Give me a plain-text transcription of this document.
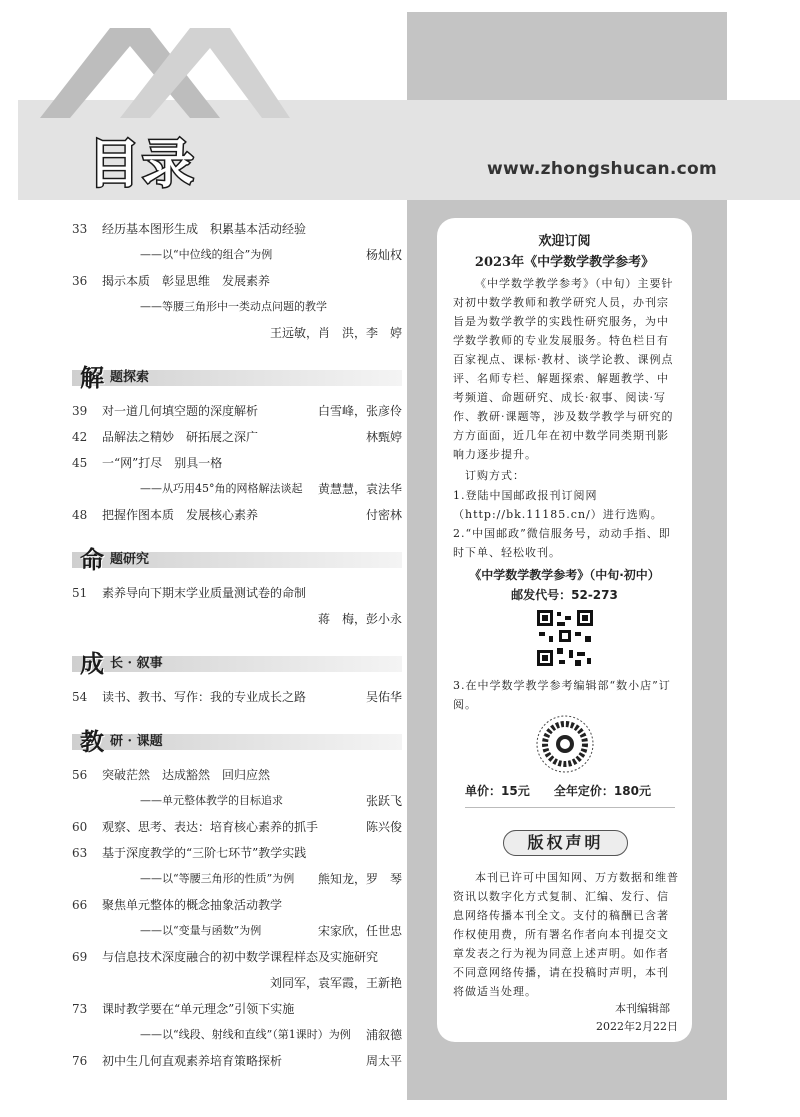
目录	www.zhongshucan.com
33	经历基本图形生成　积累基本活动经验
——以“中位线的组合”为例	杨灿权
36	揭示本质　彰显思维　发展素养
——等腰三角形中一类动点问题的教学
王远敏，肖　洪，李　婷
解 题探索
39	对一道几何填空题的深度解析	白雪峰，张彦伶
42	品解法之精妙　研拓展之深广	林甄婷
45	一“网”打尽　别具一格
——从巧用45°角的网格解法谈起 黄慧慧，袁法华
48	把握作图本质　发展核心素养	付密林
命 题研究
51	素养导向下期末学业质量测试卷的命制
蒋　梅，彭小永
成 长 · 叙事
54	读书、教书、写作：我的专业成长之路	吴佑华
教 研 · 课题
56	突破茫然　达成豁然　回归应然
——单元整体教学的目标追求	张跃飞
60	观察、思考、表达：培育核心素养的抓手	陈兴俊
63	基于深度教学的“三阶七环节”教学实践
——以“等腰三角形的性质”为例 熊知龙，罗　琴
66	聚焦单元整体的概念抽象活动教学
——以“变量与函数”为例	宋家欣，任世忠
69	与信息技术深度融合的初中数学课程样态及实施研究
刘同军，袁军霞，王新艳
73	课时教学要在“单元理念”引领下实施
——以“线段、射线和直线”（第1课时）为例 浦叙德
76	初中生几何直观素养培育策略探析	周太平
欢迎订阅
2023年《中学数学教学参考》
《中学数学教学参考》（中旬）主要针对初中数学教师和教学研究人员，办刊宗旨是为数学教学的实践性研究服务，为中学数学教师的专业发展服务。特色栏目有百家视点、课标·教材、谈学论教、课例点评、名师专栏、解题探索、解题教学、中考频道、命题研究、成长·叙事、阅读·写作、教研·课题等，涉及数学教学与研究的方方面面，近几年在初中数学同类期刊影响力逐步提升。
订购方式：
1.登陆中国邮政报刊订阅网（http://bk.11185.cn/）进行选购。
2.“中国邮政”微信服务号，动动手指、即时下单、轻松收刊。
《中学数学教学参考》（中旬·初中）
邮发代号：52-273
3.在中学数学教学参考编辑部“数小店”订阅。
单价：15元 全年定价：180元
版权声明
本刊已许可中国知网、万方数据和维普资讯以数字化方式复制、汇编、发行、信息网络传播本刊全文。支付的稿酬已含著作权使用费，所有署名作者向本刊提交文章发表之行为视为同意上述声明。如作者不同意网络传播，请在投稿时声明，本刊将做适当处理。
本刊编辑部
2022年2月22日
